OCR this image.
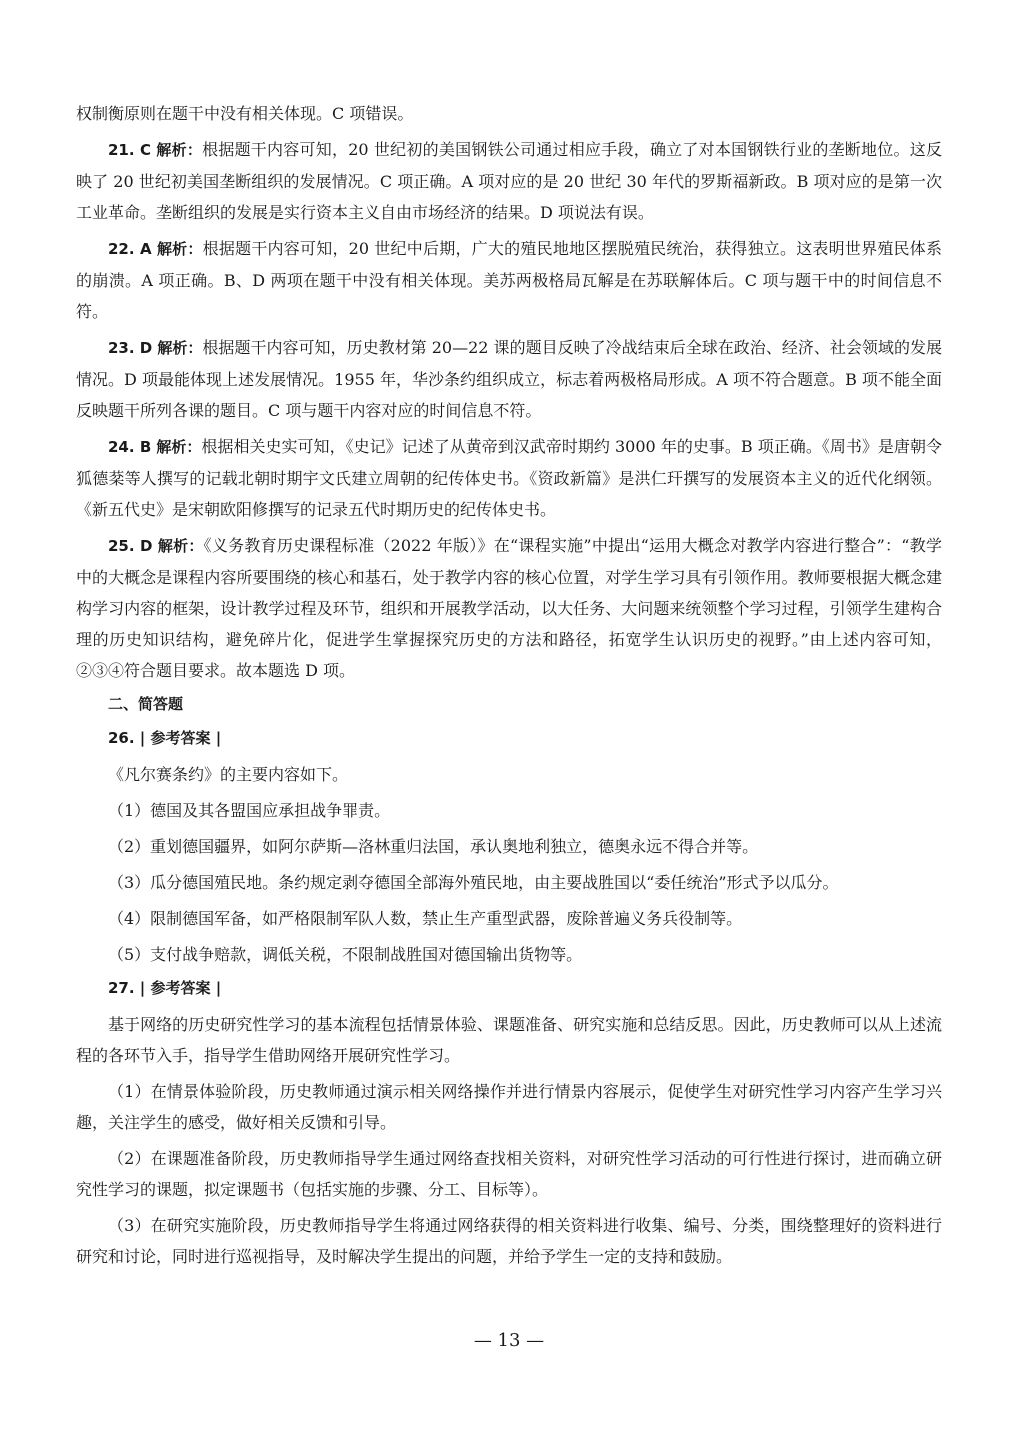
权制衡原则在题干中没有相关体现。C 项错误。

21. C 解析：根据题干内容可知，20 世纪初的美国钢铁公司通过相应手段，确立了对本国钢铁行业的垄断地位。这反映了 20 世纪初美国垄断组织的发展情况。C 项正确。A 项对应的是 20 世纪 30 年代的罗斯福新政。B 项对应的是第一次工业革命。垄断组织的发展是实行资本主义自由市场经济的结果。D 项说法有误。

22. A 解析：根据题干内容可知，20 世纪中后期，广大的殖民地地区摆脱殖民统治，获得独立。这表明世界殖民体系的崩溃。A 项正确。B、D 两项在题干中没有相关体现。美苏两极格局瓦解是在苏联解体后。C 项与题干中的时间信息不符。

23. D 解析：根据题干内容可知，历史教材第 20—22 课的题目反映了冷战结束后全球在政治、经济、社会领域的发展情况。D 项最能体现上述发展情况。1955 年，华沙条约组织成立，标志着两极格局形成。A 项不符合题意。B 项不能全面反映题干所列各课的题目。C 项与题干内容对应的时间信息不符。

24. B 解析：根据相关史实可知，《史记》记述了从黄帝到汉武帝时期约 3000 年的史事。B 项正确。《周书》是唐朝令狐德棻等人撰写的记载北朝时期宇文氏建立周朝的纪传体史书。《资政新篇》是洪仁玕撰写的发展资本主义的近代化纲领。《新五代史》是宋朝欧阳修撰写的记录五代时期历史的纪传体史书。

25. D 解析：《义务教育历史课程标准（2022 年版）》在“课程实施”中提出“运用大概念对教学内容进行整合”：“教学中的大概念是课程内容所要围绕的核心和基石，处于教学内容的核心位置，对学生学习具有引领作用。教师要根据大概念建构学习内容的框架，设计教学过程及环节，组织和开展教学活动，以大任务、大问题来统领整个学习过程，引领学生建构合理的历史知识结构，避免碎片化，促进学生掌握探究历史的方法和路径，拓宽学生认识历史的视野。”由上述内容可知，②③④符合题目要求。故本题选 D 项。

二、简答题
26. | 参考答案 |

《凡尔赛条约》的主要内容如下。

（1）德国及其各盟国应承担战争罪责。

（2）重划德国疆界，如阿尔萨斯—洛林重归法国，承认奥地利独立，德奥永远不得合并等。

（3）瓜分德国殖民地。条约规定剥夺德国全部海外殖民地，由主要战胜国以“委任统治”形式予以瓜分。

（4）限制德国军备，如严格限制军队人数，禁止生产重型武器，废除普遍义务兵役制等。

（5）支付战争赔款，调低关税，不限制战胜国对德国输出货物等。

27. | 参考答案 |

基于网络的历史研究性学习的基本流程包括情景体验、课题准备、研究实施和总结反思。因此，历史教师可以从上述流程的各环节入手，指导学生借助网络开展研究性学习。

（1）在情景体验阶段，历史教师通过演示相关网络操作并进行情景内容展示，促使学生对研究性学习内容产生学习兴趣，关注学生的感受，做好相关反馈和引导。

（2）在课题准备阶段，历史教师指导学生通过网络查找相关资料，对研究性学习活动的可行性进行探讨，进而确立研究性学习的课题，拟定课题书（包括实施的步骤、分工、目标等）。

（3）在研究实施阶段，历史教师指导学生将通过网络获得的相关资料进行收集、编号、分类，围绕整理好的资料进行研究和讨论，同时进行巡视指导，及时解决学生提出的问题，并给予学生一定的支持和鼓励。

— 13 —
